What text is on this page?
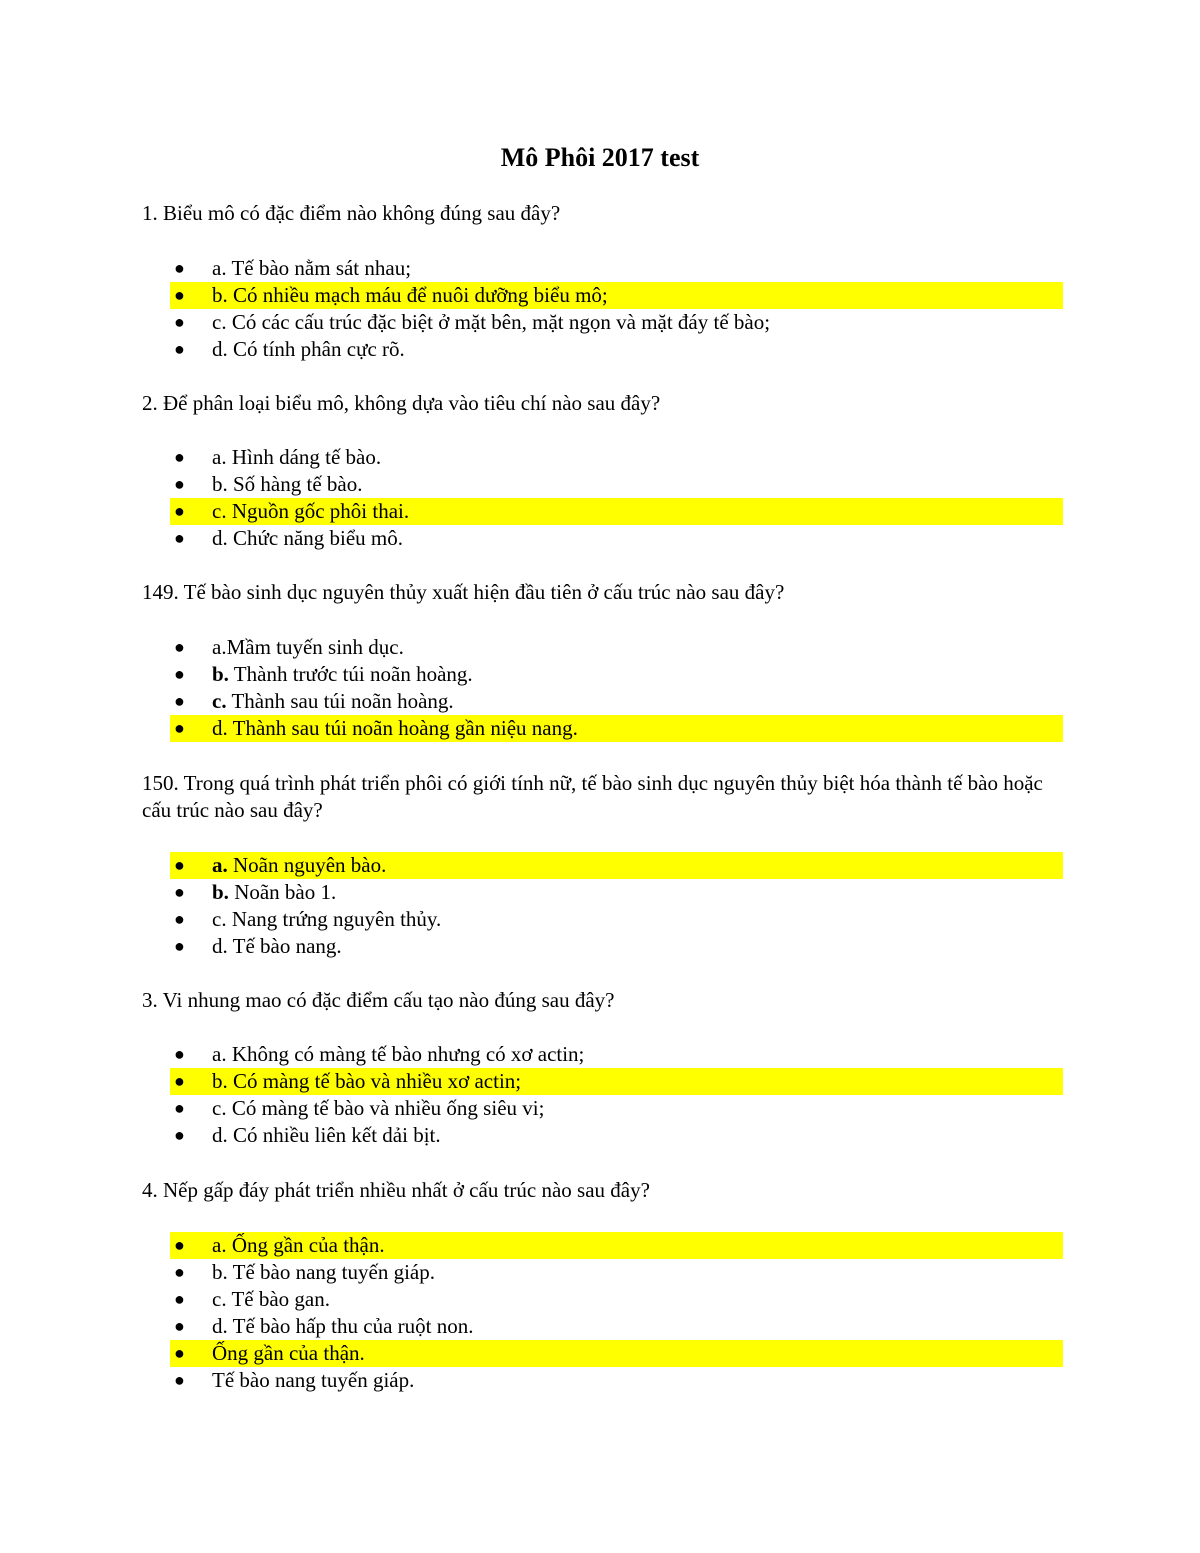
Mô Phôi 2017 test
1. Biểu mô có đặc điểm nào không đúng sau đây?
● a. Tế bào nằm sát nhau;
● b. Có nhiều mạch máu để nuôi dưỡng biểu mô;
● c. Có các cấu trúc đặc biệt ở mặt bên, mặt ngọn và mặt đáy tế bào;
● d. Có tính phân cực rõ.
2. Để phân loại biểu mô, không dựa vào tiêu chí nào sau đây?
● a. Hình dáng tế bào.
● b. Số hàng tế bào.
● c. Nguồn gốc phôi thai.
● d. Chức năng biểu mô.
149. Tế bào sinh dục nguyên thủy xuất hiện đầu tiên ở cấu trúc nào sau đây?
● a.Mầm tuyến sinh dục.
● b. Thành trước túi noãn hoàng.
● c. Thành sau túi noãn hoàng.
● d. Thành sau túi noãn hoàng gần niệu nang.
150. Trong quá trình phát triển phôi có giới tính nữ, tế bào sinh dục nguyên thủy biệt hóa thành tế bào hoặc cấu trúc nào sau đây?
● a. Noãn nguyên bào.
● b. Noãn bào 1.
● c. Nang trứng nguyên thủy.
● d. Tế bào nang.
3. Vi nhung mao có đặc điểm cấu tạo nào đúng sau đây?
● a. Không có màng tế bào nhưng có xơ actin;
● b. Có màng tế bào và nhiều xơ actin;
● c. Có màng tế bào và nhiều ống siêu vi;
● d. Có nhiều liên kết dải bịt.
4. Nếp gấp đáy phát triển nhiều nhất ở cấu trúc nào sau đây?
● a. Ống gần của thận.
● b. Tế bào nang tuyến giáp.
● c. Tế bào gan.
● d. Tế bào hấp thu của ruột non.
● Ống gần của thận.
● Tế bào nang tuyến giáp.
